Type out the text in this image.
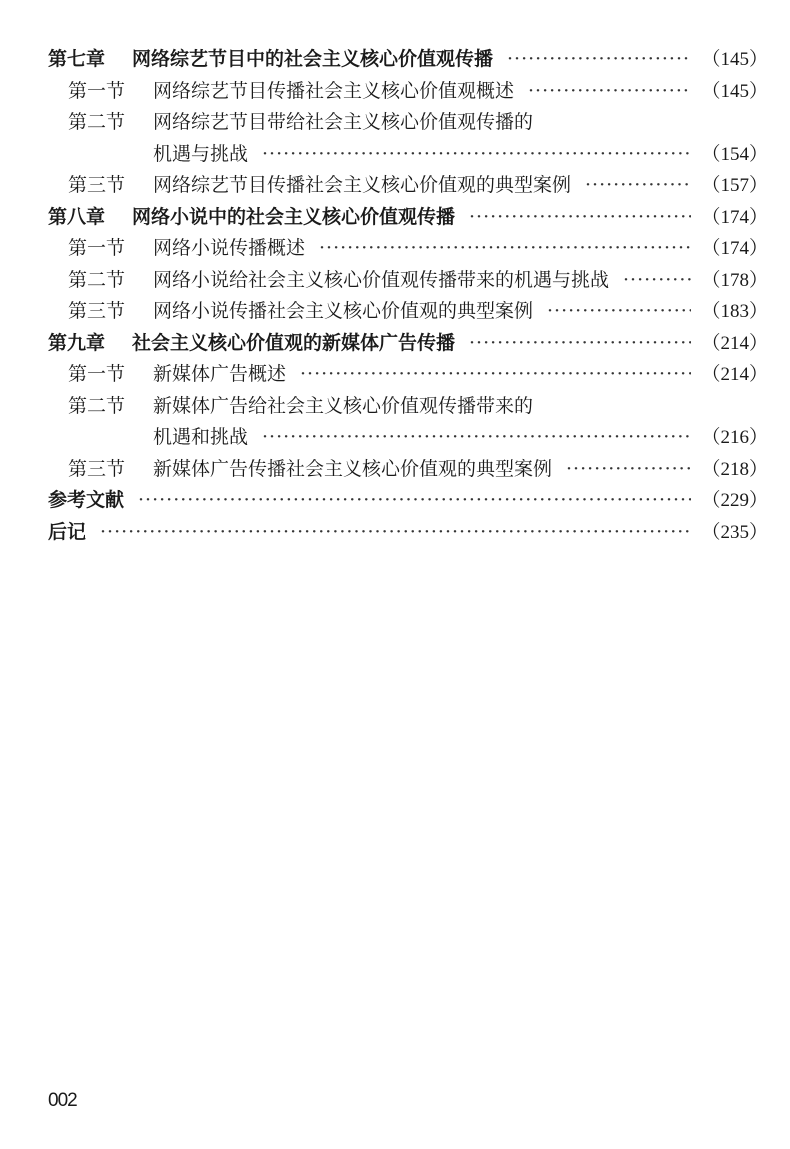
第七章 网络综艺节目中的社会主义核心价值观传播 ·····	（145）
第一节 网络综艺节目传播社会主义核心价值观概述 ·····	（145）
第二节 网络综艺节目带给社会主义核心价值观传播的
机遇与挑战 ·····	（154）
第三节 网络综艺节目传播社会主义核心价值观的典型案例 ·····	（157）
第八章 网络小说中的社会主义核心价值观传播 ·····	（174）
第一节 网络小说传播概述 ·····	（174）
第二节 网络小说给社会主义核心价值观传播带来的机遇与挑战 ·····	（178）
第三节 网络小说传播社会主义核心价值观的典型案例 ·····	（183）
第九章 社会主义核心价值观的新媒体广告传播 ·····	（214）
第一节 新媒体广告概述 ·····	（214）
第二节 新媒体广告给社会主义核心价值观传播带来的
机遇和挑战 ·····	（216）
第三节 新媒体广告传播社会主义核心价值观的典型案例 ·····	（218）
参考文献 ·····	（229）
后记 ·····	（235）
002
